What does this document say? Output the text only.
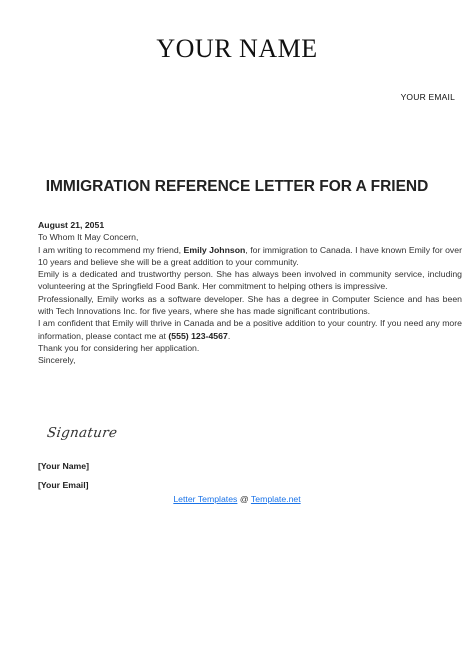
YOUR NAME
YOUR EMAIL
IMMIGRATION REFERENCE LETTER FOR A FRIEND

August 21, 2051

To Whom It May Concern,

I am writing to recommend my friend, Emily Johnson, for immigration to Canada. I have known Emily for over 10 years and believe she will be a great addition to your community.

Emily is a dedicated and trustworthy person. She has always been involved in community service, including volunteering at the Springfield Food Bank. Her commitment to helping others is impressive.

Professionally, Emily works as a software developer. She has a degree in Computer Science and has been with Tech Innovations Inc. for five years, where she has made significant contributions.

I am confident that Emily will thrive in Canada and be a positive addition to your country. If you need any more information, please contact me at (555) 123-4567.

Thank you for considering her application.

Sincerely,

Signature
[Your Name]
[Your Email]
Letter Templates @ Template.net
